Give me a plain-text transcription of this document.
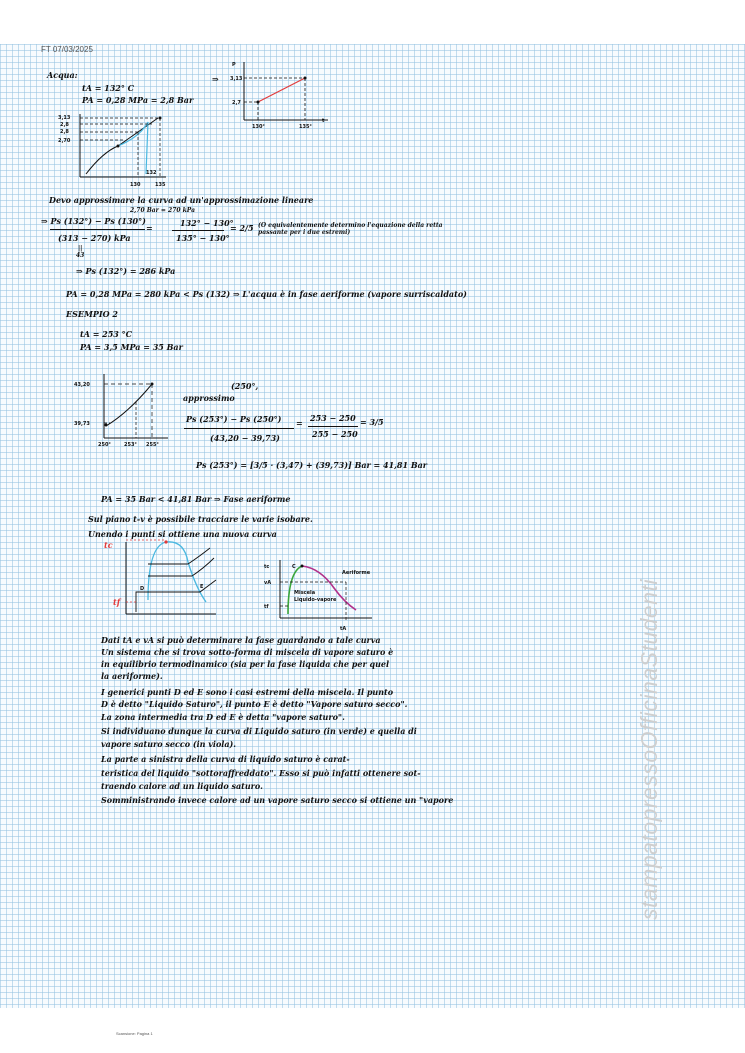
FT 07/03/2025
Acqua:
tA = 132° C
PA = 0,28 MPa = 2,8 Bar
⇒
P
t
3,13
2,7
130°	135°
3,13
2,8
2,8
2,70
130
132
135
Devo approssimare la curva ad un'approssimazione lineare
2,70 Bar = 270 kPa
⇒ Ps (132°) − Ps (130°)
(313 − 270) kPa
||
43
=	132° − 130°
135° − 130°
= 2/5 (O equivalentemente determino l'equazione della retta passante per i due estremi)
⇒ Ps (132°) = 286 kPa
PA = 0,28 MPa = 280 kPa < Ps (132) ⇒ L'acqua è in fase aeriforme (vapore surriscaldato)
ESEMPIO 2
tA = 253 °C
PA = 3,5 MPa = 35 Bar
43,20
39,73
250°	253° 255°
approssimo
(250°,
Ps (253°) − Ps (250°)
(43,20 − 39,73)
= 253 − 250
255 − 250
= 3/5
Ps (253°) = [3/5 · (3,47) + (39,73)] Bar = 41,81 Bar
PA = 35 Bar < 41,81 Bar ⇒ Fase aeriforme
Sul piano t-v è possibile tracciare le varie isobare.
Unendo i punti si ottiene una nuova curva
D	E
tc
tf
tc
vA
tf
tA
C
Aeriforme
Miscela
Liquido-vapore
Dati tA e vA si può determinare la fase guardando a tale curva
Un sistema che si trova sotto-forma di miscela di vapore saturo è
in equilibrio termodinamico (sia per la fase liquida che per quel
la aeriforme).
I generici punti D ed E sono i casi estremi della miscela. Il punto
D è detto "Liquido Saturo", il punto E è detto "Vapore saturo secco".
La zona intermedia tra D ed E è detta "vapore saturo".
Si individuano dunque la curva di Liquido saturo (in verde) e quella di
vapore saturo secco (in viola).
La parte a sinistra della curva di liquido saturo è carat-
teristica del liquido "sottoraffreddato". Esso si può infatti ottenere sot-
traendo calore ad un liquido saturo.
Somministrando invece calore ad un vapore saturo secco si ottiene un "vapore	stampatopressoOfficinaStudenti
Scansione: Pagina 1
